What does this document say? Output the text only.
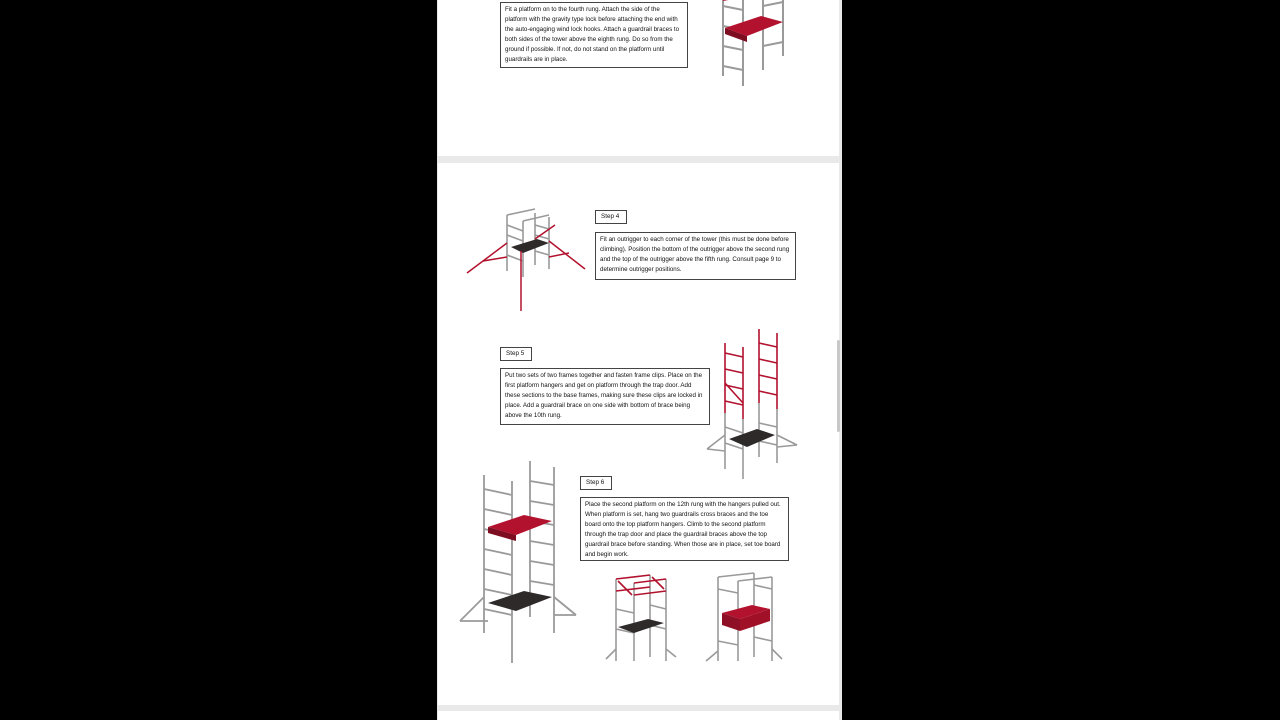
Fit a platform on to the fourth rung. Attach the side of the platform with the gravity type lock before attaching the end with the auto-engaging wind lock hooks. Attach a guardrail braces to both sides of the tower above the eighth rung. Do so from the ground if possible. If not, do not stand on the platform until guardrails are in place.
Step 4
Fit an outrigger to each corner of the tower (this must be done before climbing). Position the bottom of the outrigger above the second rung and the top of the outrigger above the fifth rung. Consult page 9 to determine outrigger positions.
Step 5
Put two sets of two frames together and fasten frame clips. Place on the first platform hangers and get on platform through the trap door. Add these sections to the base frames, making sure these clips are locked in place. Add a guardrail brace on one side with bottom of brace being above the 10th rung.
Step 6
Place the second platform on the 12th rung with the hangers pulled out. When platform is set, hang two guardrails cross braces and the toe board onto the top platform hangers. Climb to the second platform through the trap door and place the guardrail braces above the top guardrail brace before standing. When those are in place, set toe board and begin work.
